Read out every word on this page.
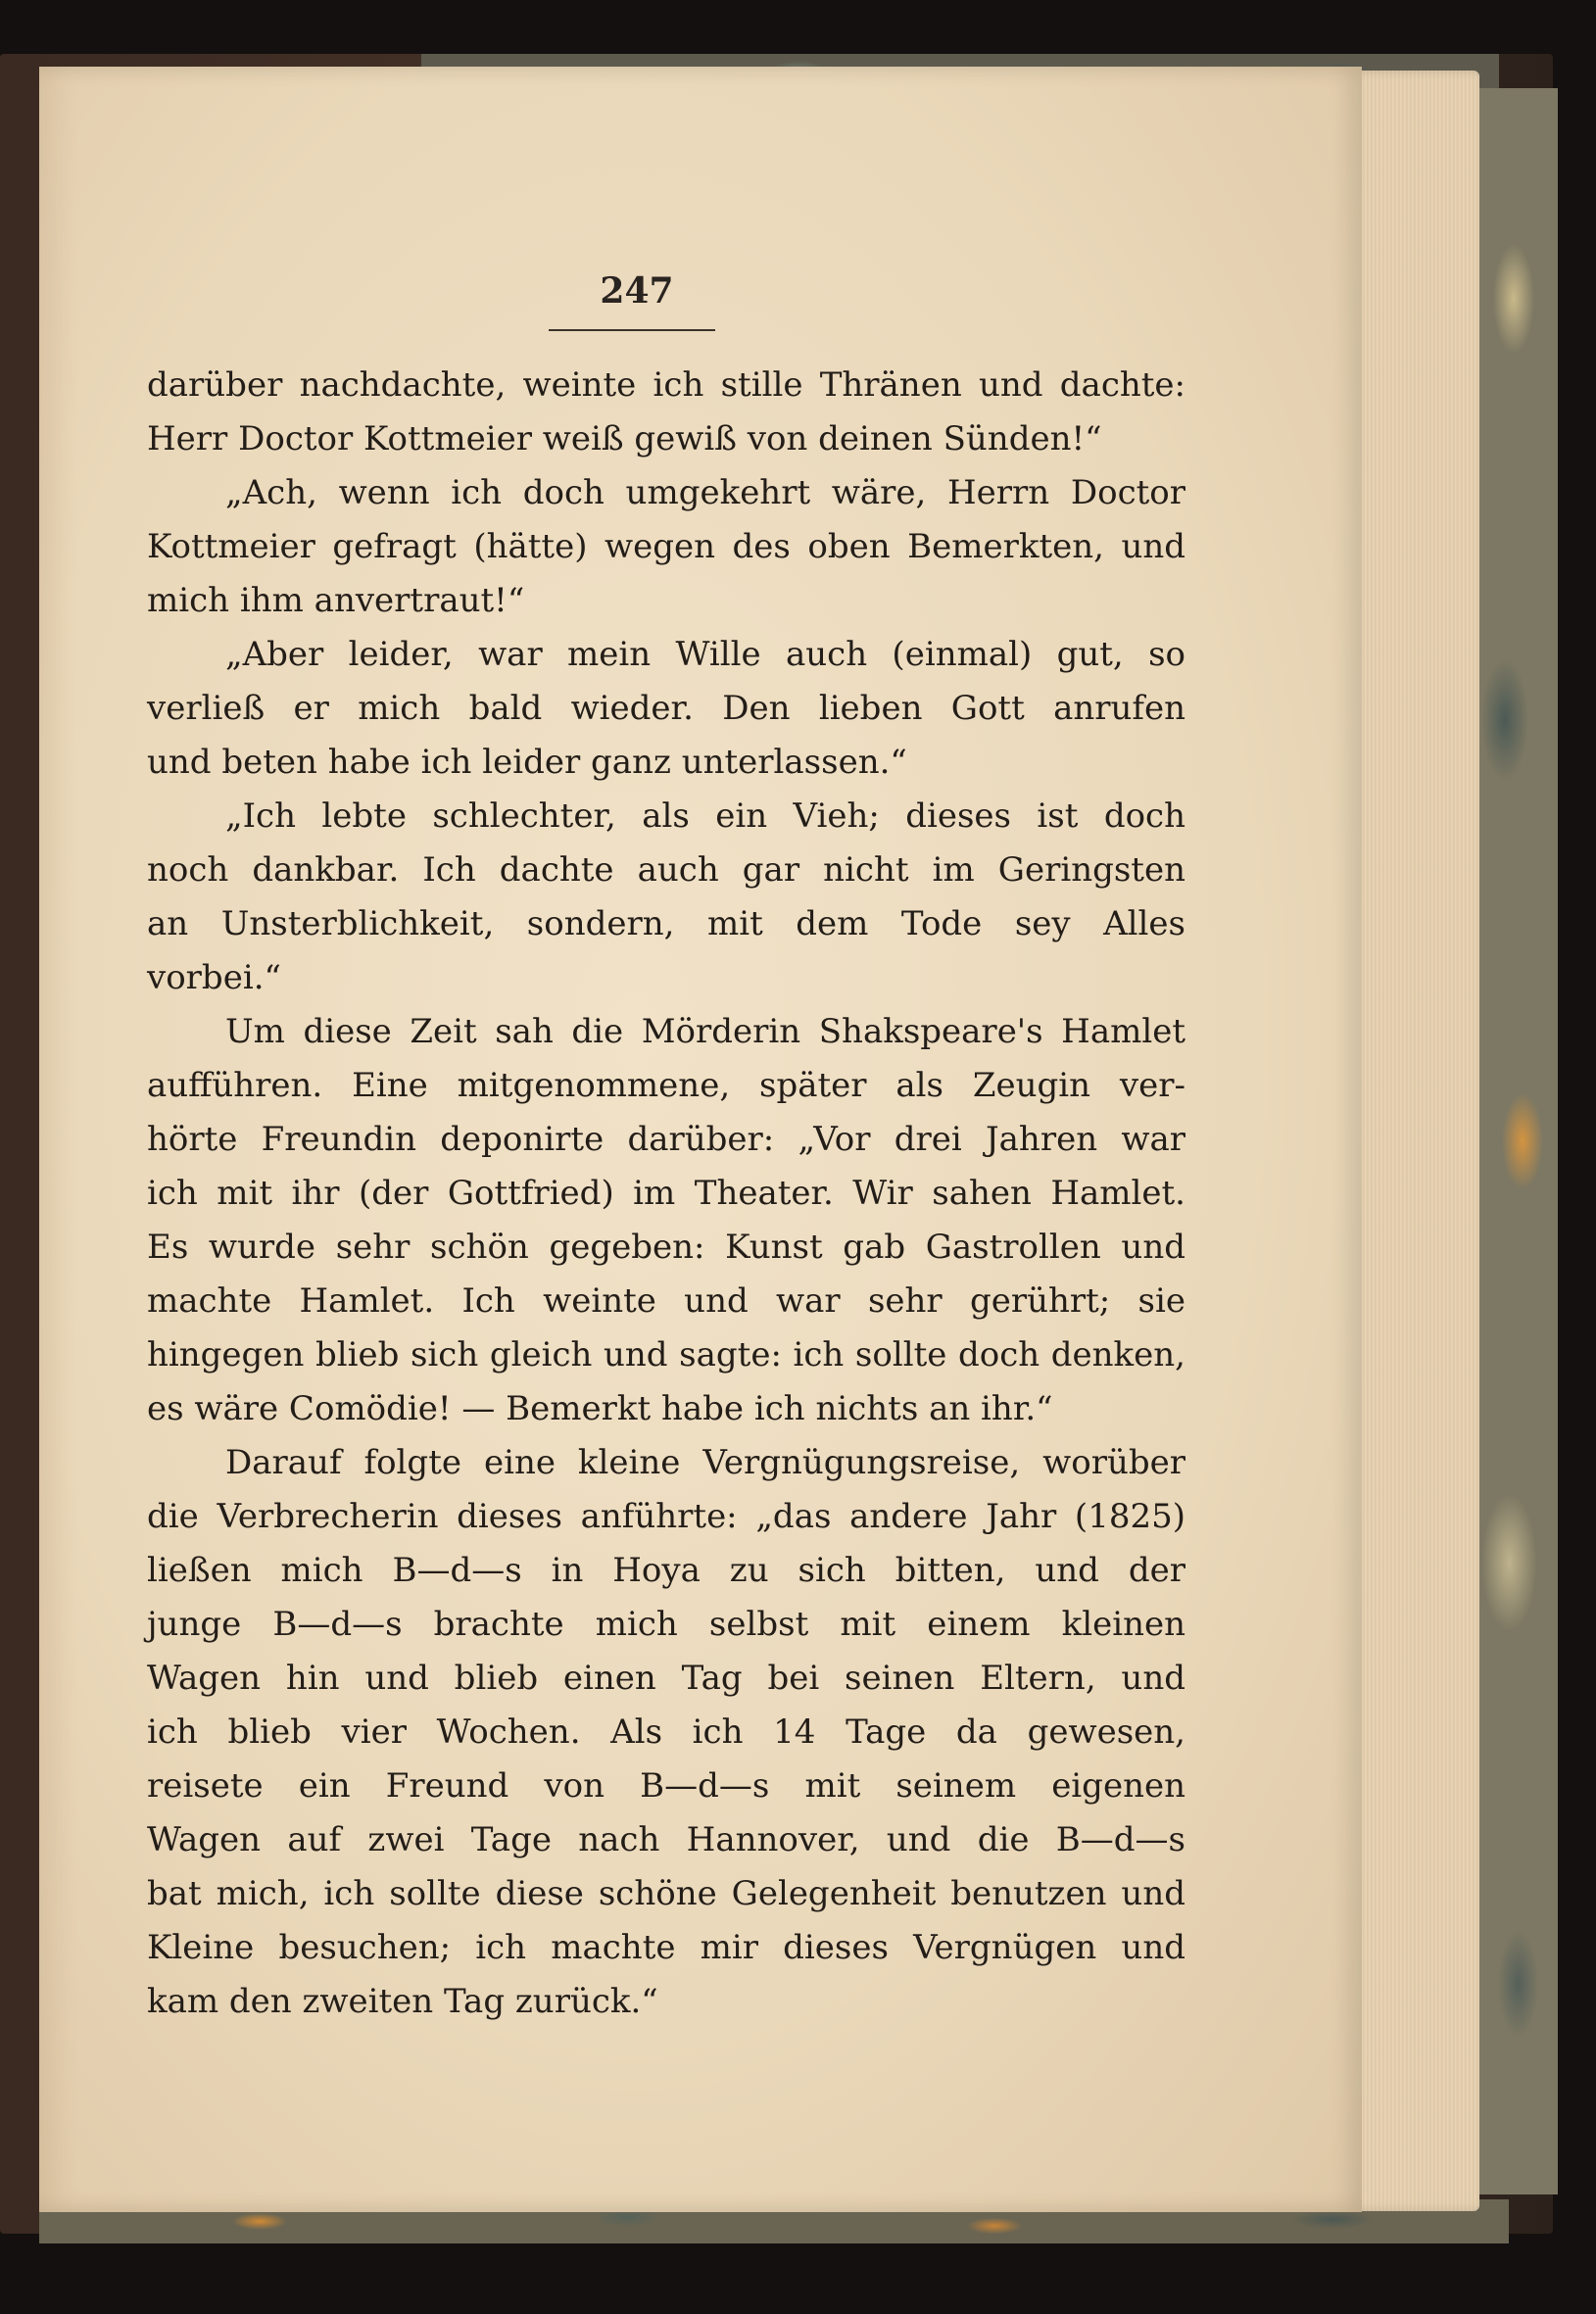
247
darüber nachdachte, weinte ich stille Thränen und dachte:
Herr Doctor Kottmeier weiß gewiß von deinen Sünden!“
„Ach, wenn ich doch umgekehrt wäre, Herrn Doctor
Kottmeier gefragt (hätte) wegen des oben Bemerkten, und
mich ihm anvertraut!“
„Aber leider, war mein Wille auch (einmal) gut, so
verließ er mich bald wieder. Den lieben Gott anrufen
und beten habe ich leider ganz unterlassen.“
„Ich lebte schlechter, als ein Vieh; dieses ist doch
noch dankbar. Ich dachte auch gar nicht im Geringsten
an Unsterblichkeit, sondern, mit dem Tode sey Alles
vorbei.“
Um diese Zeit sah die Mörderin Shakspeare's Hamlet
aufführen. Eine mitgenommene, später als Zeugin ver-
hörte Freundin deponirte darüber: „Vor drei Jahren war
ich mit ihr (der Gottfried) im Theater. Wir sahen Hamlet.
Es wurde sehr schön gegeben: Kunst gab Gastrollen und
machte Hamlet. Ich weinte und war sehr gerührt; sie
hingegen blieb sich gleich und sagte: ich sollte doch denken,
es wäre Comödie! — Bemerkt habe ich nichts an ihr.“
Darauf folgte eine kleine Vergnügungsreise, worüber
die Verbrecherin dieses anführte: „das andere Jahr (1825)
ließen mich B—d—s in Hoya zu sich bitten, und der
junge B—d—s brachte mich selbst mit einem kleinen
Wagen hin und blieb einen Tag bei seinen Eltern, und
ich blieb vier Wochen. Als ich 14 Tage da gewesen,
reisete ein Freund von B—d—s mit seinem eigenen
Wagen auf zwei Tage nach Hannover, und die B—d—s
bat mich, ich sollte diese schöne Gelegenheit benutzen und
Kleine besuchen; ich machte mir dieses Vergnügen und
kam den zweiten Tag zurück.“
